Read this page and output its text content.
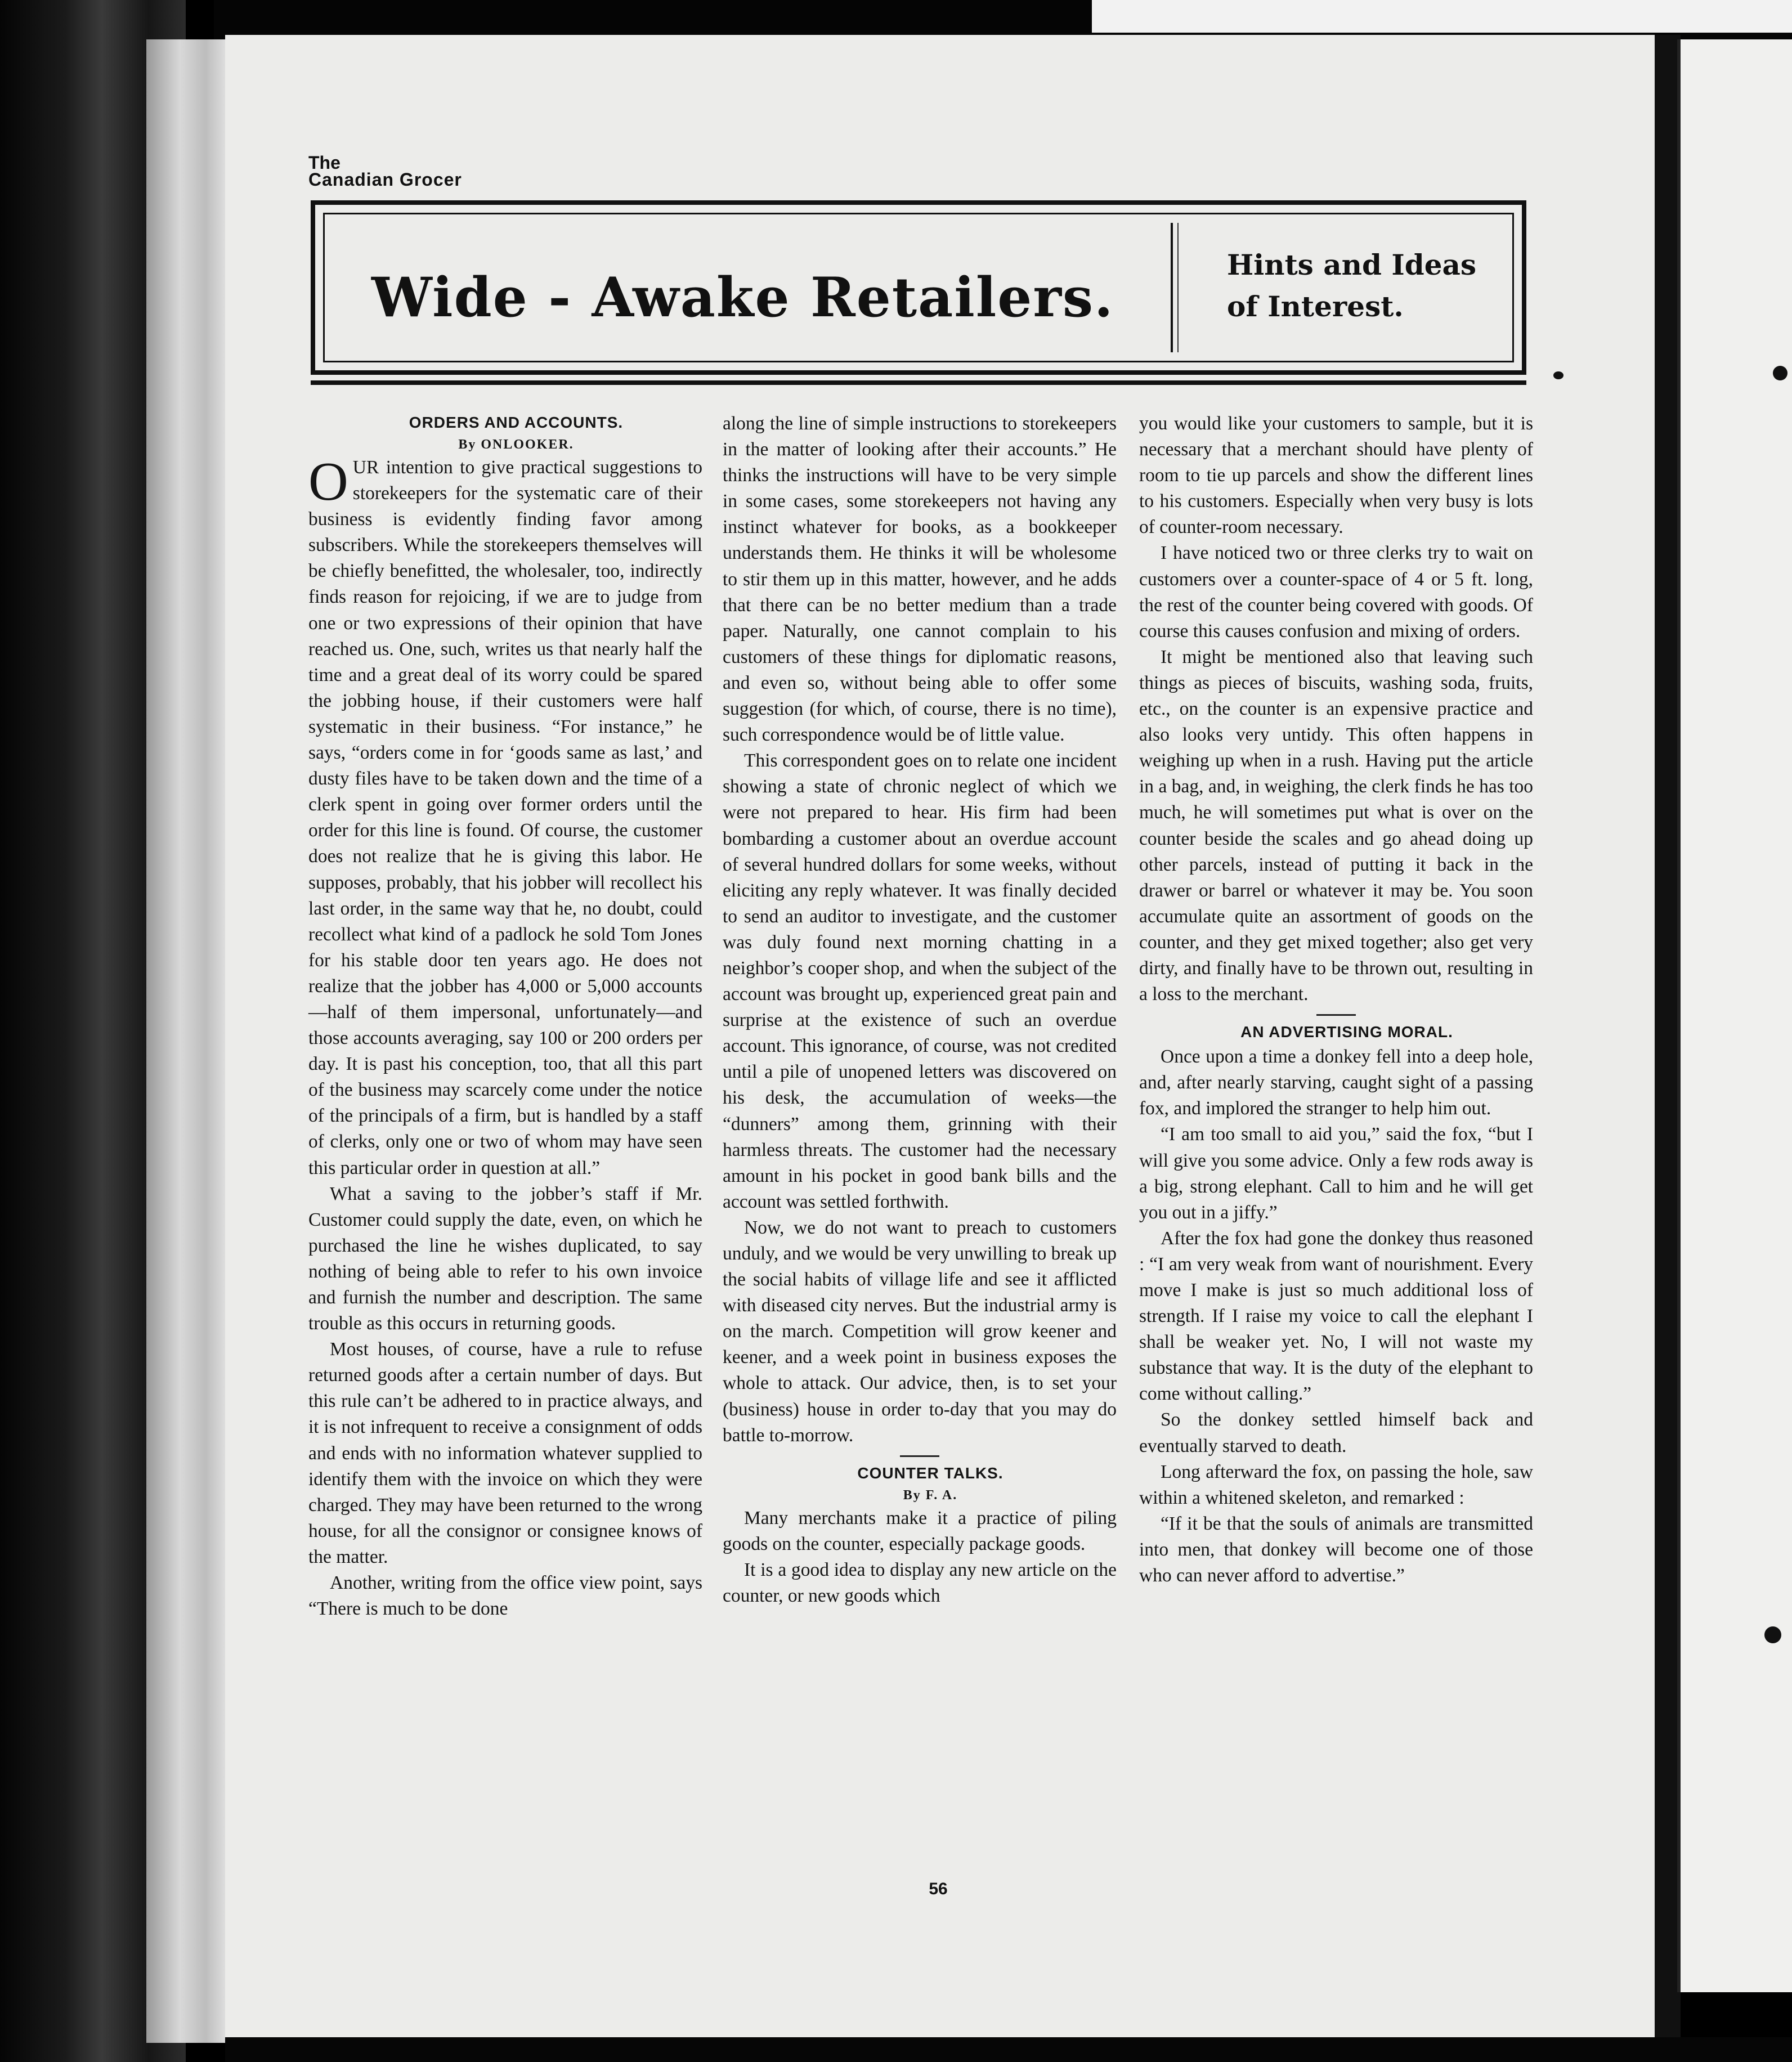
The
Canadian Grocer
Wide - Awake Retailers.
Hints and Ideas
of Interest.

ORDERS AND ACCOUNTS.

By ONLOOKER.

OUR intention to give practical suggestions to storekeepers for the systematic care of their business is evidently finding favor among subscribers. While the storekeepers themselves will be chiefly benefitted, the wholesaler, too, indirectly finds reason for rejoicing, if we are to judge from one or two expressions of their opinion that have reached us. One, such, writes us that nearly half the time and a great deal of its worry could be spared the jobbing house, if their customers were half systematic in their business. “For instance,” he says, “orders come in for ‘goods same as last,’ and dusty files have to be taken down and the time of a clerk spent in going over former orders until the order for this line is found. Of course, the customer does not realize that he is giving this labor. He supposes, probably, that his jobber will recollect his last order, in the same way that he, no doubt, could recollect what kind of a padlock he sold Tom Jones for his stable door ten years ago. He does not realize that the jobber has 4,000 or 5,000 accounts—half of them impersonal, unfortunately—and those accounts averaging, say 100 or 200 orders per day. It is past his conception, too, that all this part of the business may scarcely come under the notice of the principals of a firm, but is handled by a staff of clerks, only one or two of whom may have seen this particular order in question at all.”

What a saving to the jobber’s staff if Mr. Customer could supply the date, even, on which he purchased the line he wishes duplicated, to say nothing of being able to refer to his own invoice and furnish the number and description. The same trouble as this occurs in returning goods.

Most houses, of course, have a rule to refuse returned goods after a certain number of days. But this rule can’t be adhered to in practice always, and it is not infrequent to receive a consignment of odds and ends with no information whatever supplied to identify them with the invoice on which they were charged. They may have been returned to the wrong house, for all the consignor or consignee knows of the matter.

Another, writing from the office view point, says “There is much to be done

along the line of simple instructions to storekeepers in the matter of looking after their accounts.” He thinks the instructions will have to be very simple in some cases, some storekeepers not having any instinct whatever for books, as a bookkeeper understands them. He thinks it will be wholesome to stir them up in this matter, however, and he adds that there can be no better medium than a trade paper. Naturally, one cannot complain to his customers of these things for diplomatic reasons, and even so, without being able to offer some suggestion (for which, of course, there is no time), such correspondence would be of little value.

This correspondent goes on to relate one incident showing a state of chronic neglect of which we were not prepared to hear. His firm had been bombarding a customer about an overdue account of several hundred dollars for some weeks, without eliciting any reply whatever. It was finally decided to send an auditor to investigate, and the customer was duly found next morning chatting in a neighbor’s cooper shop, and when the subject of the account was brought up, experienced great pain and surprise at the existence of such an overdue account. This ignorance, of course, was not credited until a pile of unopened letters was discovered on his desk, the accumulation of weeks—the “dunners” among them, grinning with their harmless threats. The customer had the necessary amount in his pocket in good bank bills and the account was settled forthwith.

Now, we do not want to preach to customers unduly, and we would be very unwilling to break up the social habits of village life and see it afflicted with diseased city nerves. But the industrial army is on the march. Competition will grow keener and keener, and a week point in business exposes the whole to attack. Our advice, then, is to set your (business) house in order to-day that you may do battle to-morrow.

COUNTER TALKS.

By F. A.

Many merchants make it a practice of piling goods on the counter, especially package goods.

It is a good idea to display any new article on the counter, or new goods which

you would like your customers to sample, but it is necessary that a merchant should have plenty of room to tie up parcels and show the different lines to his customers. Especially when very busy is lots of counter-room necessary.

I have noticed two or three clerks try to wait on customers over a counter-space of 4 or 5 ft. long, the rest of the counter being covered with goods. Of course this causes confusion and mixing of orders.

It might be mentioned also that leaving such things as pieces of biscuits, washing soda, fruits, etc., on the counter is an expensive practice and also looks very untidy. This often happens in weighing up when in a rush. Having put the article in a bag, and, in weighing, the clerk finds he has too much, he will sometimes put what is over on the counter beside the scales and go ahead doing up other parcels, instead of putting it back in the drawer or barrel or whatever it may be. You soon accumulate quite an assortment of goods on the counter, and they get mixed together; also get very dirty, and finally have to be thrown out, resulting in a loss to the merchant.

AN ADVERTISING MORAL.

Once upon a time a donkey fell into a deep hole, and, after nearly starving, caught sight of a passing fox, and implored the stranger to help him out.

“I am too small to aid you,” said the fox, “but I will give you some advice. Only a few rods away is a big, strong elephant. Call to him and he will get you out in a jiffy.”

After the fox had gone the donkey thus reasoned : “I am very weak from want of nourishment. Every move I make is just so much additional loss of strength. If I raise my voice to call the elephant I shall be weaker yet. No, I will not waste my substance that way. It is the duty of the elephant to come without calling.”

So the donkey settled himself back and eventually starved to death.

Long afterward the fox, on passing the hole, saw within a whitened skeleton, and remarked :

“If it be that the souls of animals are transmitted into men, that donkey will become one of those who can never afford to advertise.”

56
